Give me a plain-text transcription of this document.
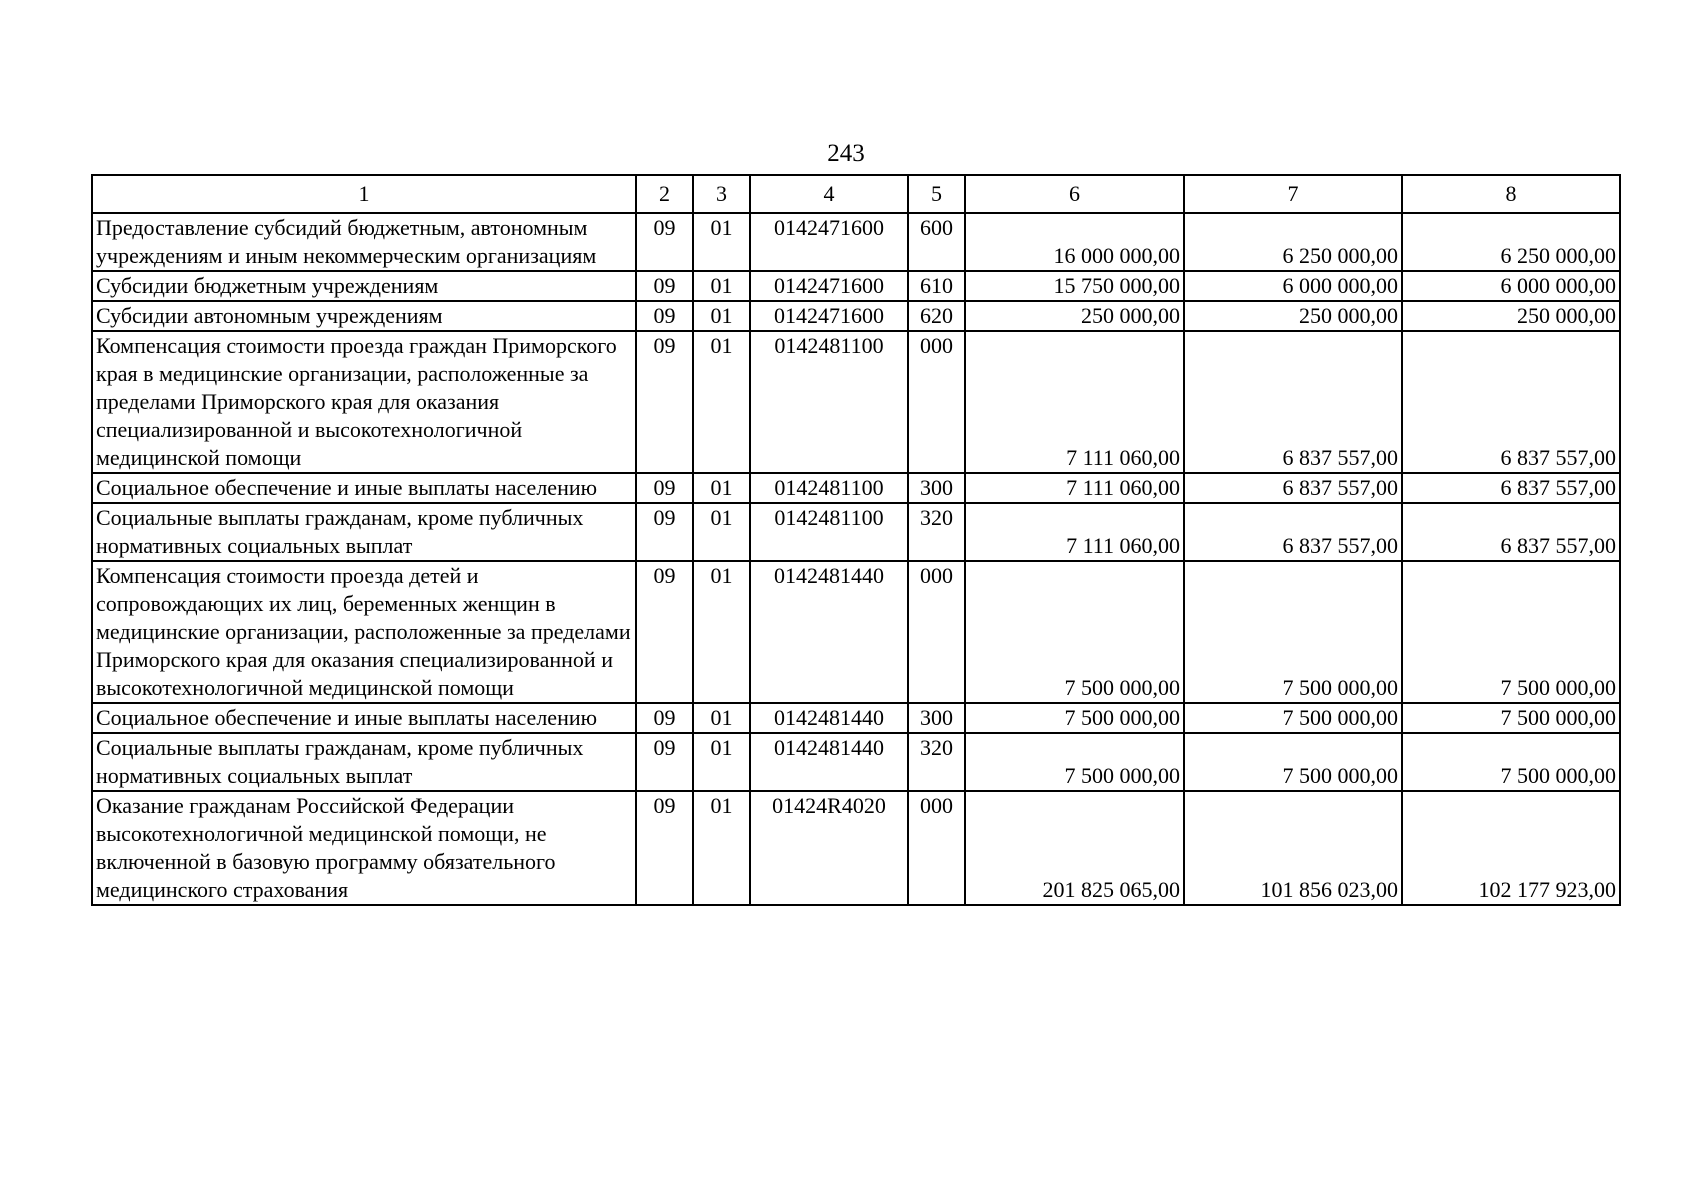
243
1	2	3	4	5	6	7	8
Предоставление субсидий бюджетным, автономным учреждениям и иным некоммерческим организациям	09	01	0142471600	600	16 000 000,00	6 250 000,00	6 250 000,00
Субсидии бюджетным учреждениям	09	01	0142471600	610	15 750 000,00	6 000 000,00	6 000 000,00
Субсидии автономным учреждениям	09	01	0142471600	620	250 000,00	250 000,00	250 000,00
Компенсация стоимости проезда граждан Приморского края в медицинские организации, расположенные за пределами Приморского края для оказания специализированной и высокотехнологичной медицинской помощи	09	01	0142481100	000	7 111 060,00	6 837 557,00	6 837 557,00
Социальное обеспечение и иные выплаты населению	09	01	0142481100	300	7 111 060,00	6 837 557,00	6 837 557,00
Социальные выплаты гражданам, кроме публичных нормативных социальных выплат	09	01	0142481100	320	7 111 060,00	6 837 557,00	6 837 557,00
Компенсация стоимости проезда детей и сопровождающих их лиц, беременных женщин в медицинские организации, расположенные за пределами Приморского края для оказания специализированной и высокотехнологичной медицинской помощи	09	01	0142481440	000	7 500 000,00	7 500 000,00	7 500 000,00
Социальное обеспечение и иные выплаты населению	09	01	0142481440	300	7 500 000,00	7 500 000,00	7 500 000,00
Социальные выплаты гражданам, кроме публичных нормативных социальных выплат	09	01	0142481440	320	7 500 000,00	7 500 000,00	7 500 000,00
Оказание гражданам Российской Федерации высокотехнологичной медицинской помощи, не включенной в базовую программу обязательного медицинского страхования	09	01	01424R4020	000	201 825 065,00	101 856 023,00	102 177 923,00
